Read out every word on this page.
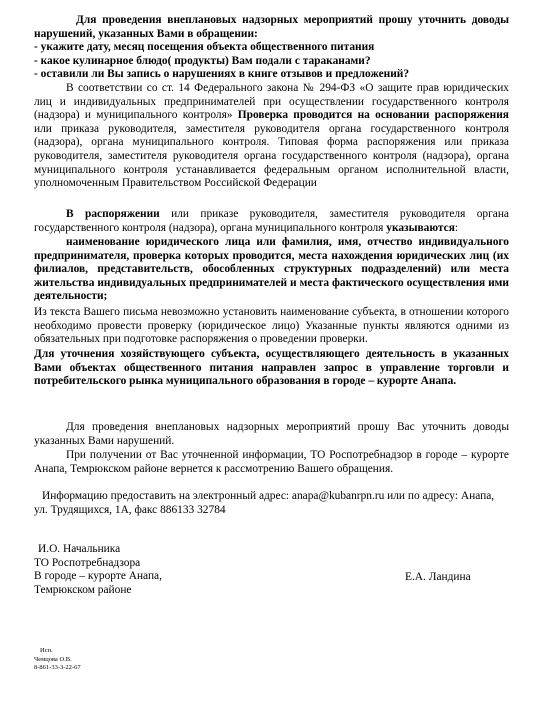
Для проведения внеплановых надзорных мероприятий прошу уточнить доводы нарушений, указанных Вами в обращении:

- укажите дату, месяц посещения объекта общественного питания
- какое кулинарное блюдо( продукты) Вам подали с тараканами?
- оставили ли Вы запись о нарушениях в книге отзывов и предложений?

В соответствии со ст. 14 Федерального закона № 294-ФЗ «О защите прав юридических лиц и индивидуальных предпринимателей при осуществлении государственного контроля (надзора) и муниципального контроля» Проверка проводится на основании распоряжения или приказа руководителя, заместителя руководителя органа государственного контроля (надзора), органа муниципального контроля. Типовая форма распоряжения или приказа руководителя, заместителя руководителя органа государственного контроля (надзора), органа муниципального контроля устанавливается федеральным органом исполнительной власти, уполномоченным Правительством Российской Федерации

В распоряжении или приказе руководителя, заместителя руководителя органа государственного контроля (надзора), органа муниципального контроля указываются:

наименование юридического лица или фамилия, имя, отчество индивидуального предпринимателя, проверка которых проводится, места нахождения юридических лиц (их филиалов, представительств, обособленных структурных подразделений) или места жительства индивидуальных предпринимателей и места фактического осуществления ими деятельности;

Из текста Вашего письма невозможно установить наименование субъекта, в отношении которого необходимо провести проверку (юридическое лицо) Указанные пункты являются одними из обязательных при подготовке распоряжения о проведении проверки.

Для уточнения хозяйствующего субъекта, осуществляющего деятельность в указанных Вами объектах общественного питания направлен запрос в управление торговли и потребительского рынка муниципального образования в городе – курорте Анапа.

Для проведения внеплановых надзорных мероприятий прошу Вас уточнить доводы указанных Вами нарушений.

При получении от Вас уточненной информации, ТО Роспотребнадзор в городе – курорте Анапа, Темрюкском районе вернется к рассмотрению Вашего обращения.

Информацию предоставить на электронный адрес: anapa@kubanrpn.ru или по адресу: Анапа, ул. Трудящихся, 1А, факс 886133 32784

И.О. Начальника
ТО Роспотребнадзора
В городе – курорте Анапа,
Темрюкском районе
Е.А. Ландина
Исп.
Чемцова О.В.
8-861-33-3-22-67
